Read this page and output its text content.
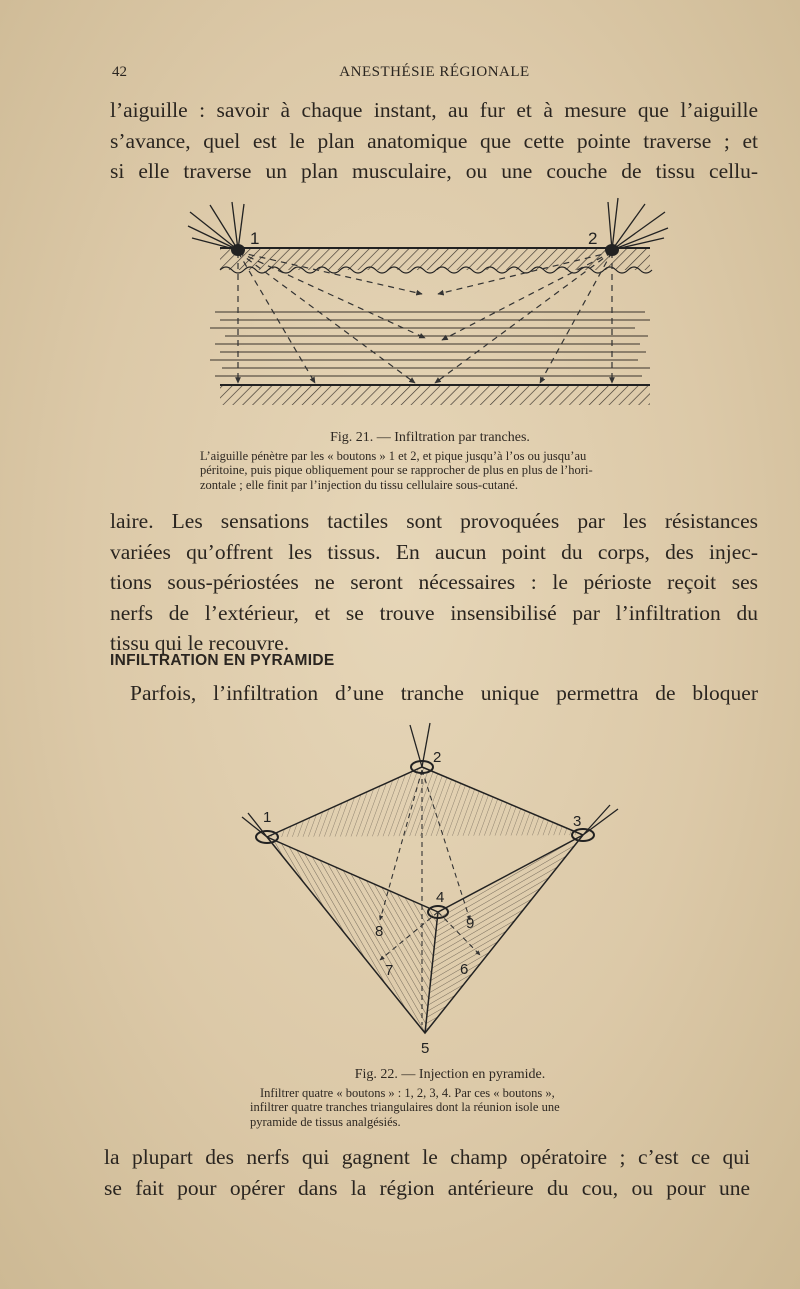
42	ANESTHÉSIE RÉGIONALE
l’aiguille : savoir à chaque instant, au fur et à mesure que l’aiguille
s’avance, quel est le plan anatomique que cette pointe traverse ; et
si elle traverse un plan musculaire, ou une couche de tissu cellu-
1	2
Fig. 21. — Infiltration par tranches.
L’aiguille pénètre par les « boutons » 1 et 2, et pique jusqu’à l’os ou jusqu’au
péritoine, puis pique obliquement pour se rapprocher de plus en plus de l’hori-
zontale ; elle finit par l’injection du tissu cellulaire sous-cutané.
laire. Les sensations tactiles sont provoquées par les résistances
variées qu’offrent les tissus. En aucun point du corps, des injec-
tions sous-périostées ne seront nécessaires : le périoste reçoit ses
nerfs de l’extérieur, et se trouve insensibilisé par l’infiltration du
tissu qui le recouvre.
INFILTRATION EN PYRAMIDE
Parfois, l’infiltration d’une tranche unique permettra de bloquer
2
1	3
4
5
6
7
8	9
Fig. 22. — Injection en pyramide.
Infiltrer quatre « boutons » : 1, 2, 3, 4. Par ces « boutons »,
infiltrer quatre tranches triangulaires dont la réunion isole une
pyramide de tissus analgésiés.
la plupart des nerfs qui gagnent le champ opératoire ; c’est ce qui
se fait pour opérer dans la région antérieure du cou, ou pour une
